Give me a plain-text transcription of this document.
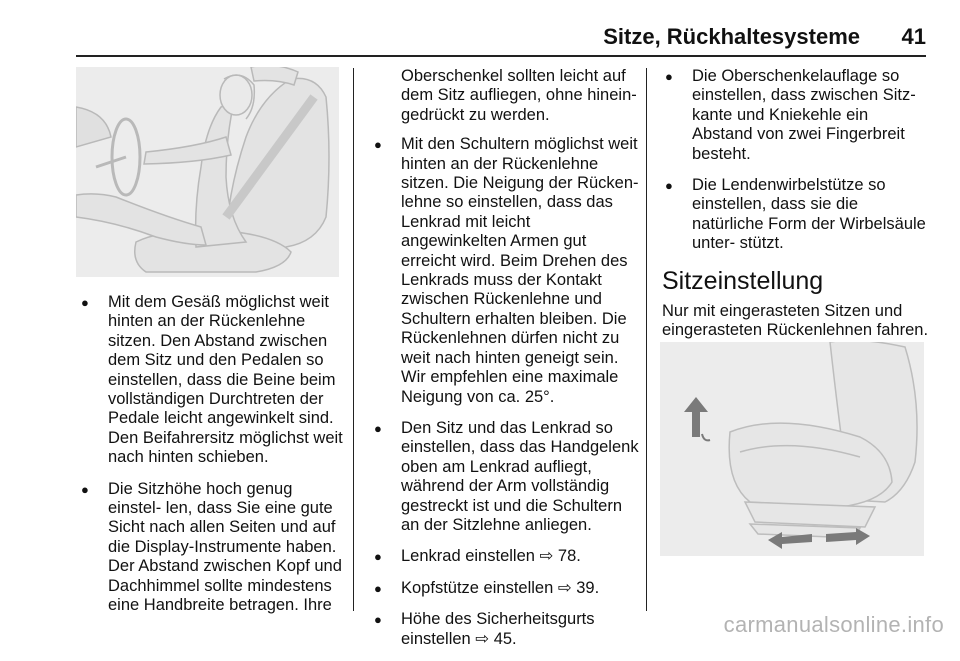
Sitze, Rückhaltesysteme 41
● Mit dem Gesäß möglichst weit hinten an der Rückenlehne sitzen. Den Abstand zwischen dem Sitz und den Pedalen so einstellen, dass die Beine beim vollständigen Durchtreten der Pedale leicht angewinkelt sind. Den Beifahrersitz möglichst weit nach hinten schieben.
● Die Sitzhöhe hoch genug einstel- len, dass Sie eine gute Sicht nach allen Seiten und auf die Display-Instrumente haben. Der Abstand zwischen Kopf und Dachhimmel sollte mindestens eine Handbreite betragen. Ihre

Oberschenkel sollten leicht auf dem Sitz aufliegen, ohne hinein- gedrückt zu werden.

● Mit den Schultern möglichst weit hinten an der Rückenlehne sitzen. Die Neigung der Rücken- lehne so einstellen, dass das Lenkrad mit leicht angewinkelten Armen gut erreicht wird. Beim Drehen des Lenkrads muss der Kontakt zwischen Rückenlehne und Schultern erhalten bleiben. Die Rückenlehnen dürfen nicht zu weit nach hinten geneigt sein. Wir empfehlen eine maximale Neigung von ca. 25°.
● Den Sitz und das Lenkrad so einstellen, dass das Handgelenk oben am Lenkrad aufliegt, während der Arm vollständig gestreckt ist und die Schultern an der Sitzlehne anliegen.
● Lenkrad einstellen ⇨ 78.
● Kopfstütze einstellen ⇨ 39.
● Höhe des Sicherheitsgurts einstellen ⇨ 45.
● Die Oberschenkelauflage so einstellen, dass zwischen Sitz- kante und Kniekehle ein Abstand von zwei Fingerbreit besteht.
● Die Lendenwirbelstütze so einstellen, dass sie die natürliche Form der Wirbelsäule unter- stützt.
Sitzeinstellung

Nur mit eingerasteten Sitzen und eingerasteten Rückenlehnen fahren.

carmanualsonline.info
